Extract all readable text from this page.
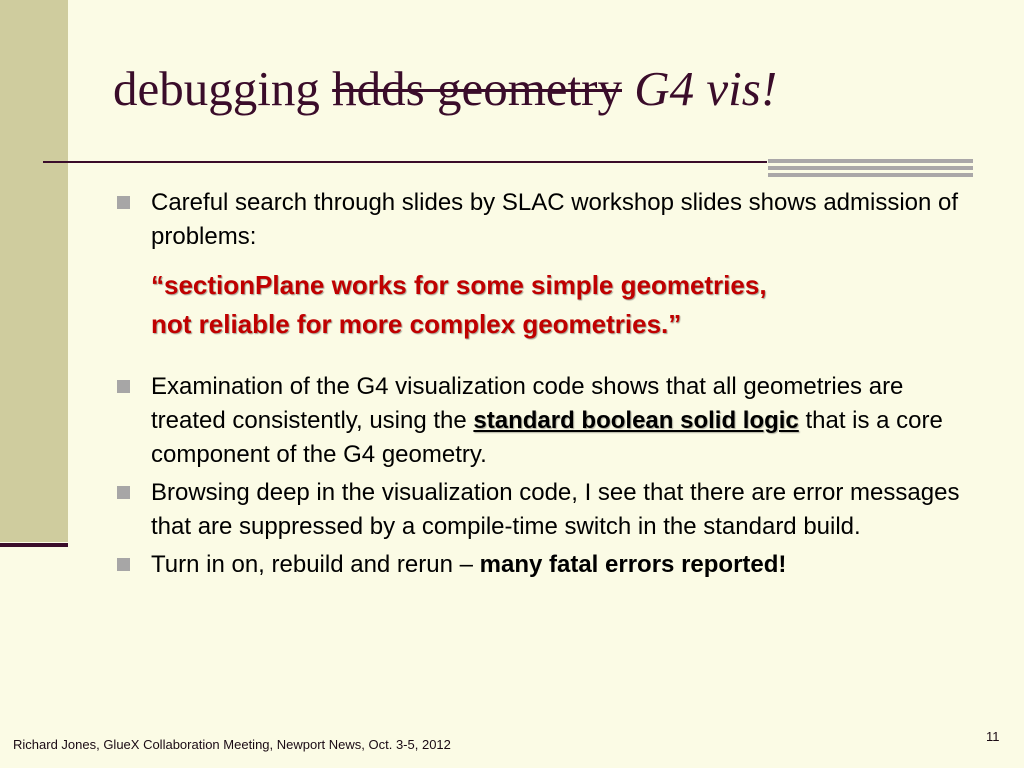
debugging hdds geometry G4 vis!
Careful search through slides by SLAC workshop slides shows admission of problems:
“sectionPlane works for some simple geometries,
not reliable for more complex geometries.”
Examination of the G4 visualization code shows that all geometries are treated consistently, using the standard boolean solid logic that is a core component of the G4 geometry.
Browsing deep in the visualization code, I see that there are error messages that are suppressed by a compile-time switch in the standard build.
Turn in on, rebuild and rerun – many fatal errors reported!
Richard Jones, GlueX Collaboration Meeting, Newport News, Oct. 3-5, 2012
11
